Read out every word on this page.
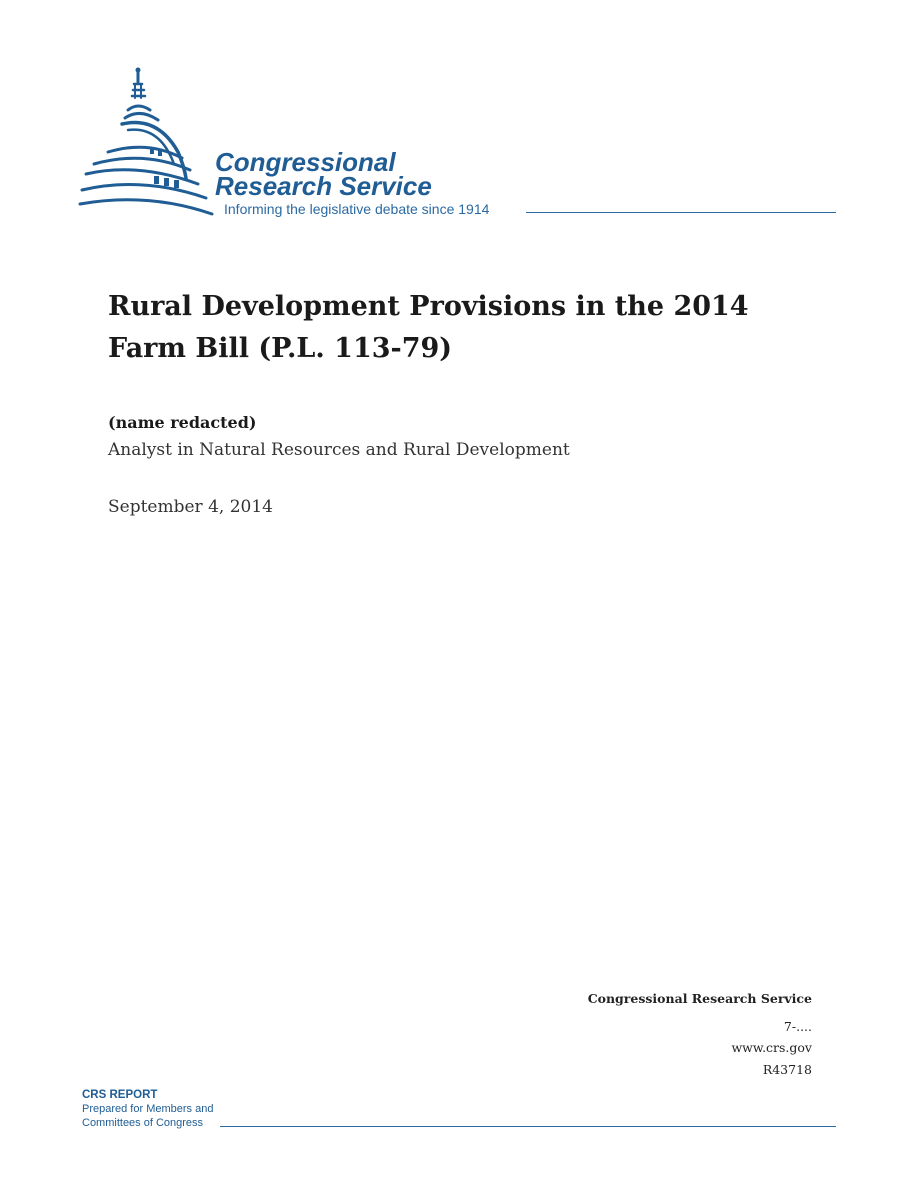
Congressional
Research Service
Informing the legislative debate since 1914
Rural Development Provisions in the 2014 Farm Bill (P.L. 113-79)
(name redacted)
Analyst in Natural Resources and Rural Development
September 4, 2014
Congressional Research Service
7-....
www.crs.gov
R43718
CRS REPORT
Prepared for Members and
Committees of Congress
